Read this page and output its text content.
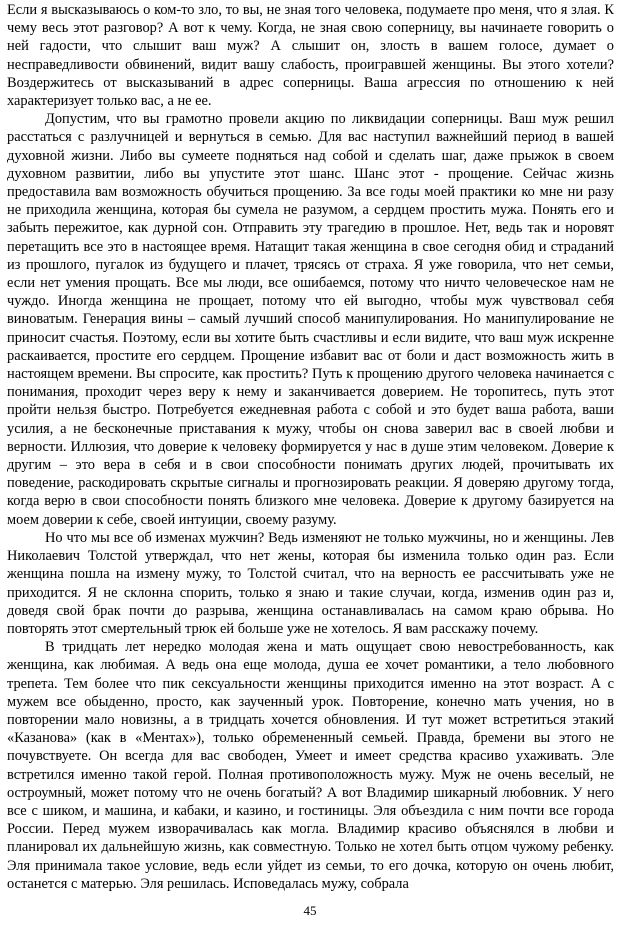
Если я высказываюсь о ком-то зло, то вы, не зная того человека, подумаете про меня, что я злая. К чему весь этот разговор? А вот к чему. Когда, не зная свою соперницу, вы начинаете говорить о ней гадости, что слышит ваш муж? А слышит он, злость в вашем голосе, думает о несправедливости обвинений, видит вашу слабость, проигравшей женщины. Вы этого хотели? Воздержитесь от высказываний в адрес соперницы. Ваша агрессия по отношению к ней характеризует только вас, а не ее.

Допустим, что вы грамотно провели акцию по ликвидации соперницы. Ваш муж решил расстаться с разлучницей и вернуться в семью. Для вас наступил важнейший период в вашей духовной жизни. Либо вы сумеете подняться над собой и сделать шаг, даже прыжок в своем духовном развитии, либо вы упустите этот шанс. Шанс этот - прощение. Сейчас жизнь предоставила вам возможность обучиться прощению. За все годы моей практики ко мне ни разу не приходила женщина, которая бы сумела не разумом, а сердцем простить мужа. Понять его и забыть пережитое, как дурной сон. Отправить эту трагедию в прошлое. Нет, ведь так и норовят перетащить все это в настоящее время. Натащит такая женщина в свое сегодня обид и страданий из прошлого, пугалок из будущего и плачет, трясясь от страха. Я уже говорила, что нет семьи, если нет умения прощать. Все мы люди, все ошибаемся, потому что ничто человеческое нам не чуждо. Иногда женщина не прощает, потому что ей выгодно, чтобы муж чувствовал себя виноватым. Генерация вины – самый лучший способ манипулирования. Но манипулирование не приносит счастья. Поэтому, если вы хотите быть счастливы и если видите, что ваш муж искренне раскаивается, простите его сердцем. Прощение избавит вас от боли и даст возможность жить в настоящем времени. Вы спросите, как простить? Путь к прощению другого человека начинается с понимания, проходит через веру к нему и заканчивается доверием. Не торопитесь, путь этот пройти нельзя быстро. Потребуется ежедневная работа с собой и это будет ваша работа, ваши усилия, а не бесконечные приставания к мужу, чтобы он снова заверил вас в своей любви и верности. Иллюзия, что доверие к человеку формируется у нас в душе этим человеком. Доверие к другим – это вера в себя и в свои способности понимать других людей, прочитывать их поведение, раскодировать скрытые сигналы и прогнозировать реакции. Я доверяю другому тогда, когда верю в свои способности понять близкого мне человека. Доверие к другому базируется на моем доверии к себе, своей интуиции, своему разуму.

Но что мы все об изменах мужчин? Ведь изменяют не только мужчины, но и женщины. Лев Николаевич Толстой утверждал, что нет жены, которая бы изменила только один раз. Если женщина пошла на измену мужу, то Толстой считал, что на верность ее рассчитывать уже не приходится. Я не склонна спорить, только я знаю и такие случаи, когда, изменив один раз и, доведя свой брак почти до разрыва, женщина останавливалась на самом краю обрыва. Но повторять этот смертельный трюк ей больше уже не хотелось. Я вам расскажу почему.

В тридцать лет нередко молодая жена и мать ощущает свою невостребованность, как женщина, как любимая. А ведь она еще молода, душа ее хочет романтики, а тело любовного трепета. Тем более что пик сексуальности женщины приходится именно на этот возраст. А с мужем все обыденно, просто, как заученный урок. Повторение, конечно мать учения, но в повторении мало новизны, а в тридцать хочется обновления. И тут может встретиться этакий «Казанова» (как в «Ментах»), только обремененный семьей. Правда, бремени вы этого не почувствуете. Он всегда для вас свободен, Умеет и имеет средства красиво ухаживать. Эле встретился именно такой герой. Полная противоположность мужу. Муж не очень веселый, не остроумный, может потому что не очень богатый? А вот Владимир шикарный любовник. У него все с шиком, и машина, и кабаки, и казино, и гостиницы. Эля объездила с ним почти все города России. Перед мужем изворачивалась как могла. Владимир красиво объяснялся в любви и планировал их дальнейшую жизнь, как совместную. Только не хотел быть отцом чужому ребенку. Эля принимала такое условие, ведь если уйдет из семьи, то его дочка, которую он очень любит, останется с матерью. Эля решилась. Исповедалась мужу, собрала

45
